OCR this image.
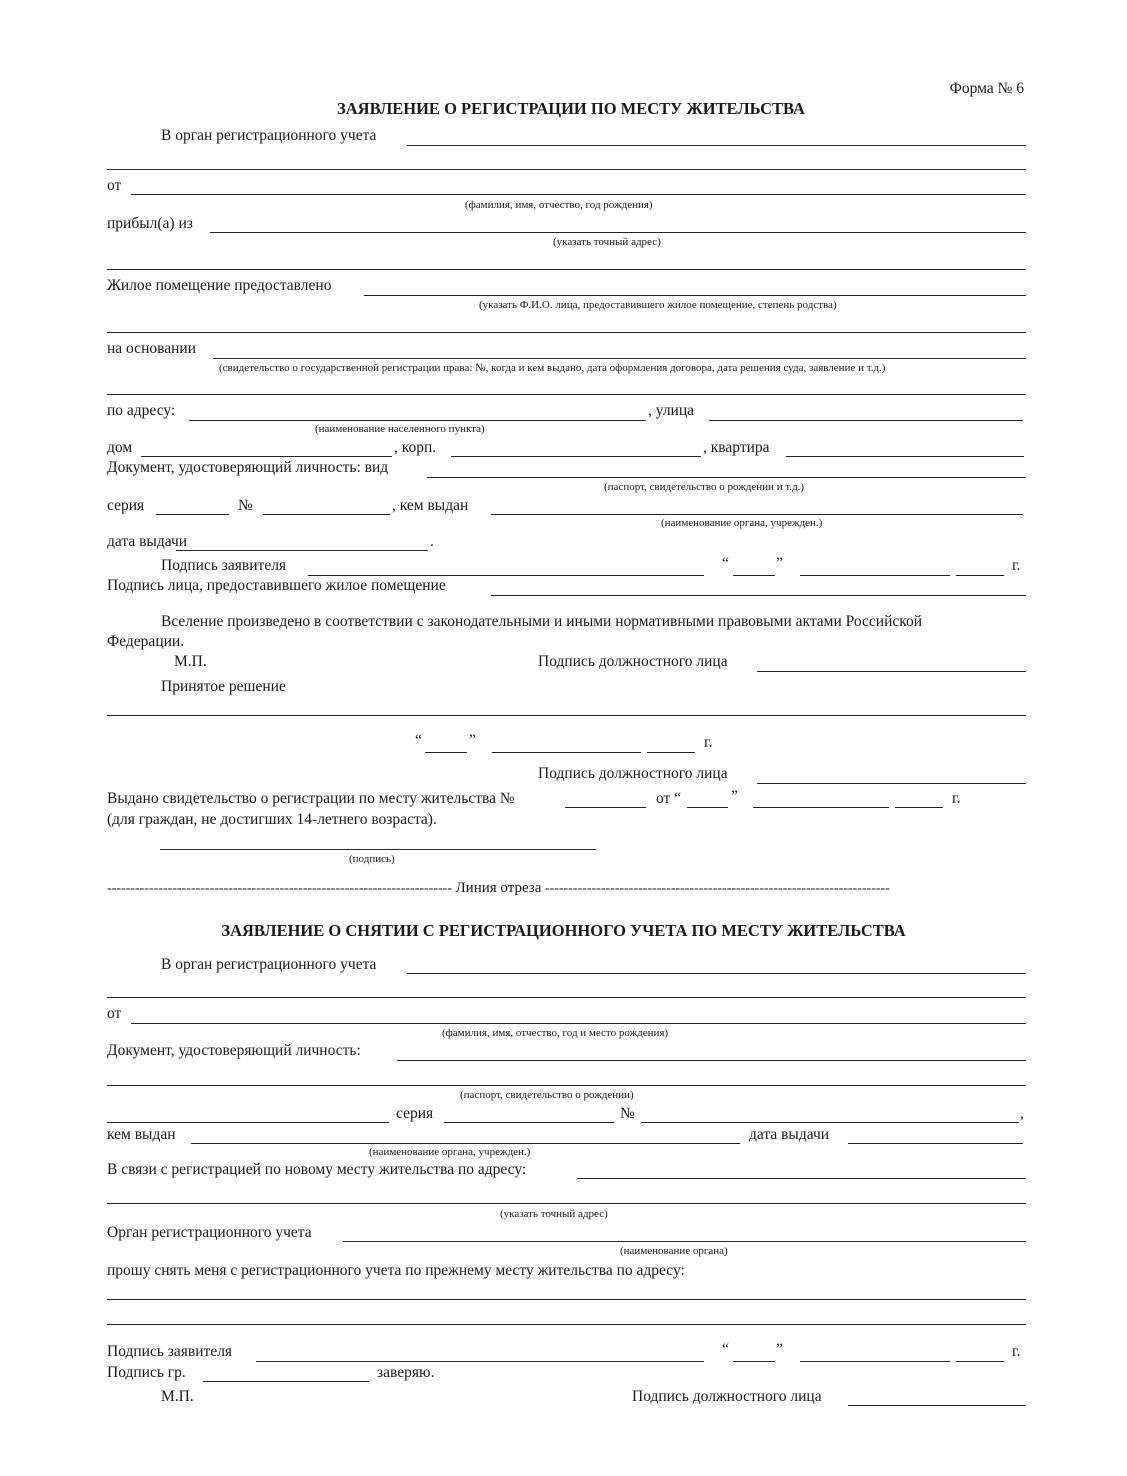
Форма № 6
ЗАЯВЛЕНИЕ О РЕГИСТРАЦИИ ПО МЕСТУ ЖИТЕЛЬСТВА
В орган регистрационного учета
от
(фамилия, имя, отчество, год рождения)
прибыл(а) из
(указать точный адрес)
Жилое помещение предоставлено
(указать Ф.И.О. лица, предоставившего жилое помещение, степень родства)
на основании
(свидетельство о государственной регистрации права: №, когда и кем выдано, дата оформления договора, дата решения суда, заявление и т.д.)
по адресу:	, улица
(наименование населенного пункта)
дом	, корп.	, квартира
Документ, удостоверяющий личность: вид
(паспорт, свидетельство о рождении и т.д.)
серия	№	, кем выдан
(наименование органа, учрежден.)
дата выдачи	.
Подпись заявителя	“	”	г.
Подпись лица, предоставившего жилое помещение
Вселение произведено в соответствии с законодательными и иными нормативными правовыми актами Российской
Федерации.
М.П.	Подпись должностного лица
Принятое решение
“	”	г.
Подпись должностного лица
Выдано свидетельство о регистрации по месту жительства №	от “	”	г.
(для граждан, не достигших 14-летнего возраста).
(подпись)
-------------------------------------------------------------------------- Линия отреза --------------------------------------------------------------------------
ЗАЯВЛЕНИЕ О СНЯТИИ С РЕГИСТРАЦИОННОГО УЧЕТА ПО МЕСТУ ЖИТЕЛЬСТВА
В орган регистрационного учета
от
(фамилия, имя, отчество, год и место рождения)
Документ, удостоверяющий личность:
(паспорт, свидетельство о рождении)
серия	№	,
кем выдан	дата выдачи
(наименование органа, учрежден.)
В связи с регистрацией по новому месту жительства по адресу:
(указать точный адрес)
Орган регистрационного учета
(наименование органа)
прошу снять меня с регистрационного учета по прежнему месту жительства по адресу:
Подпись заявителя	“	”	г.
Подпись гр.	заверяю.
М.П.	Подпись должностного лица
